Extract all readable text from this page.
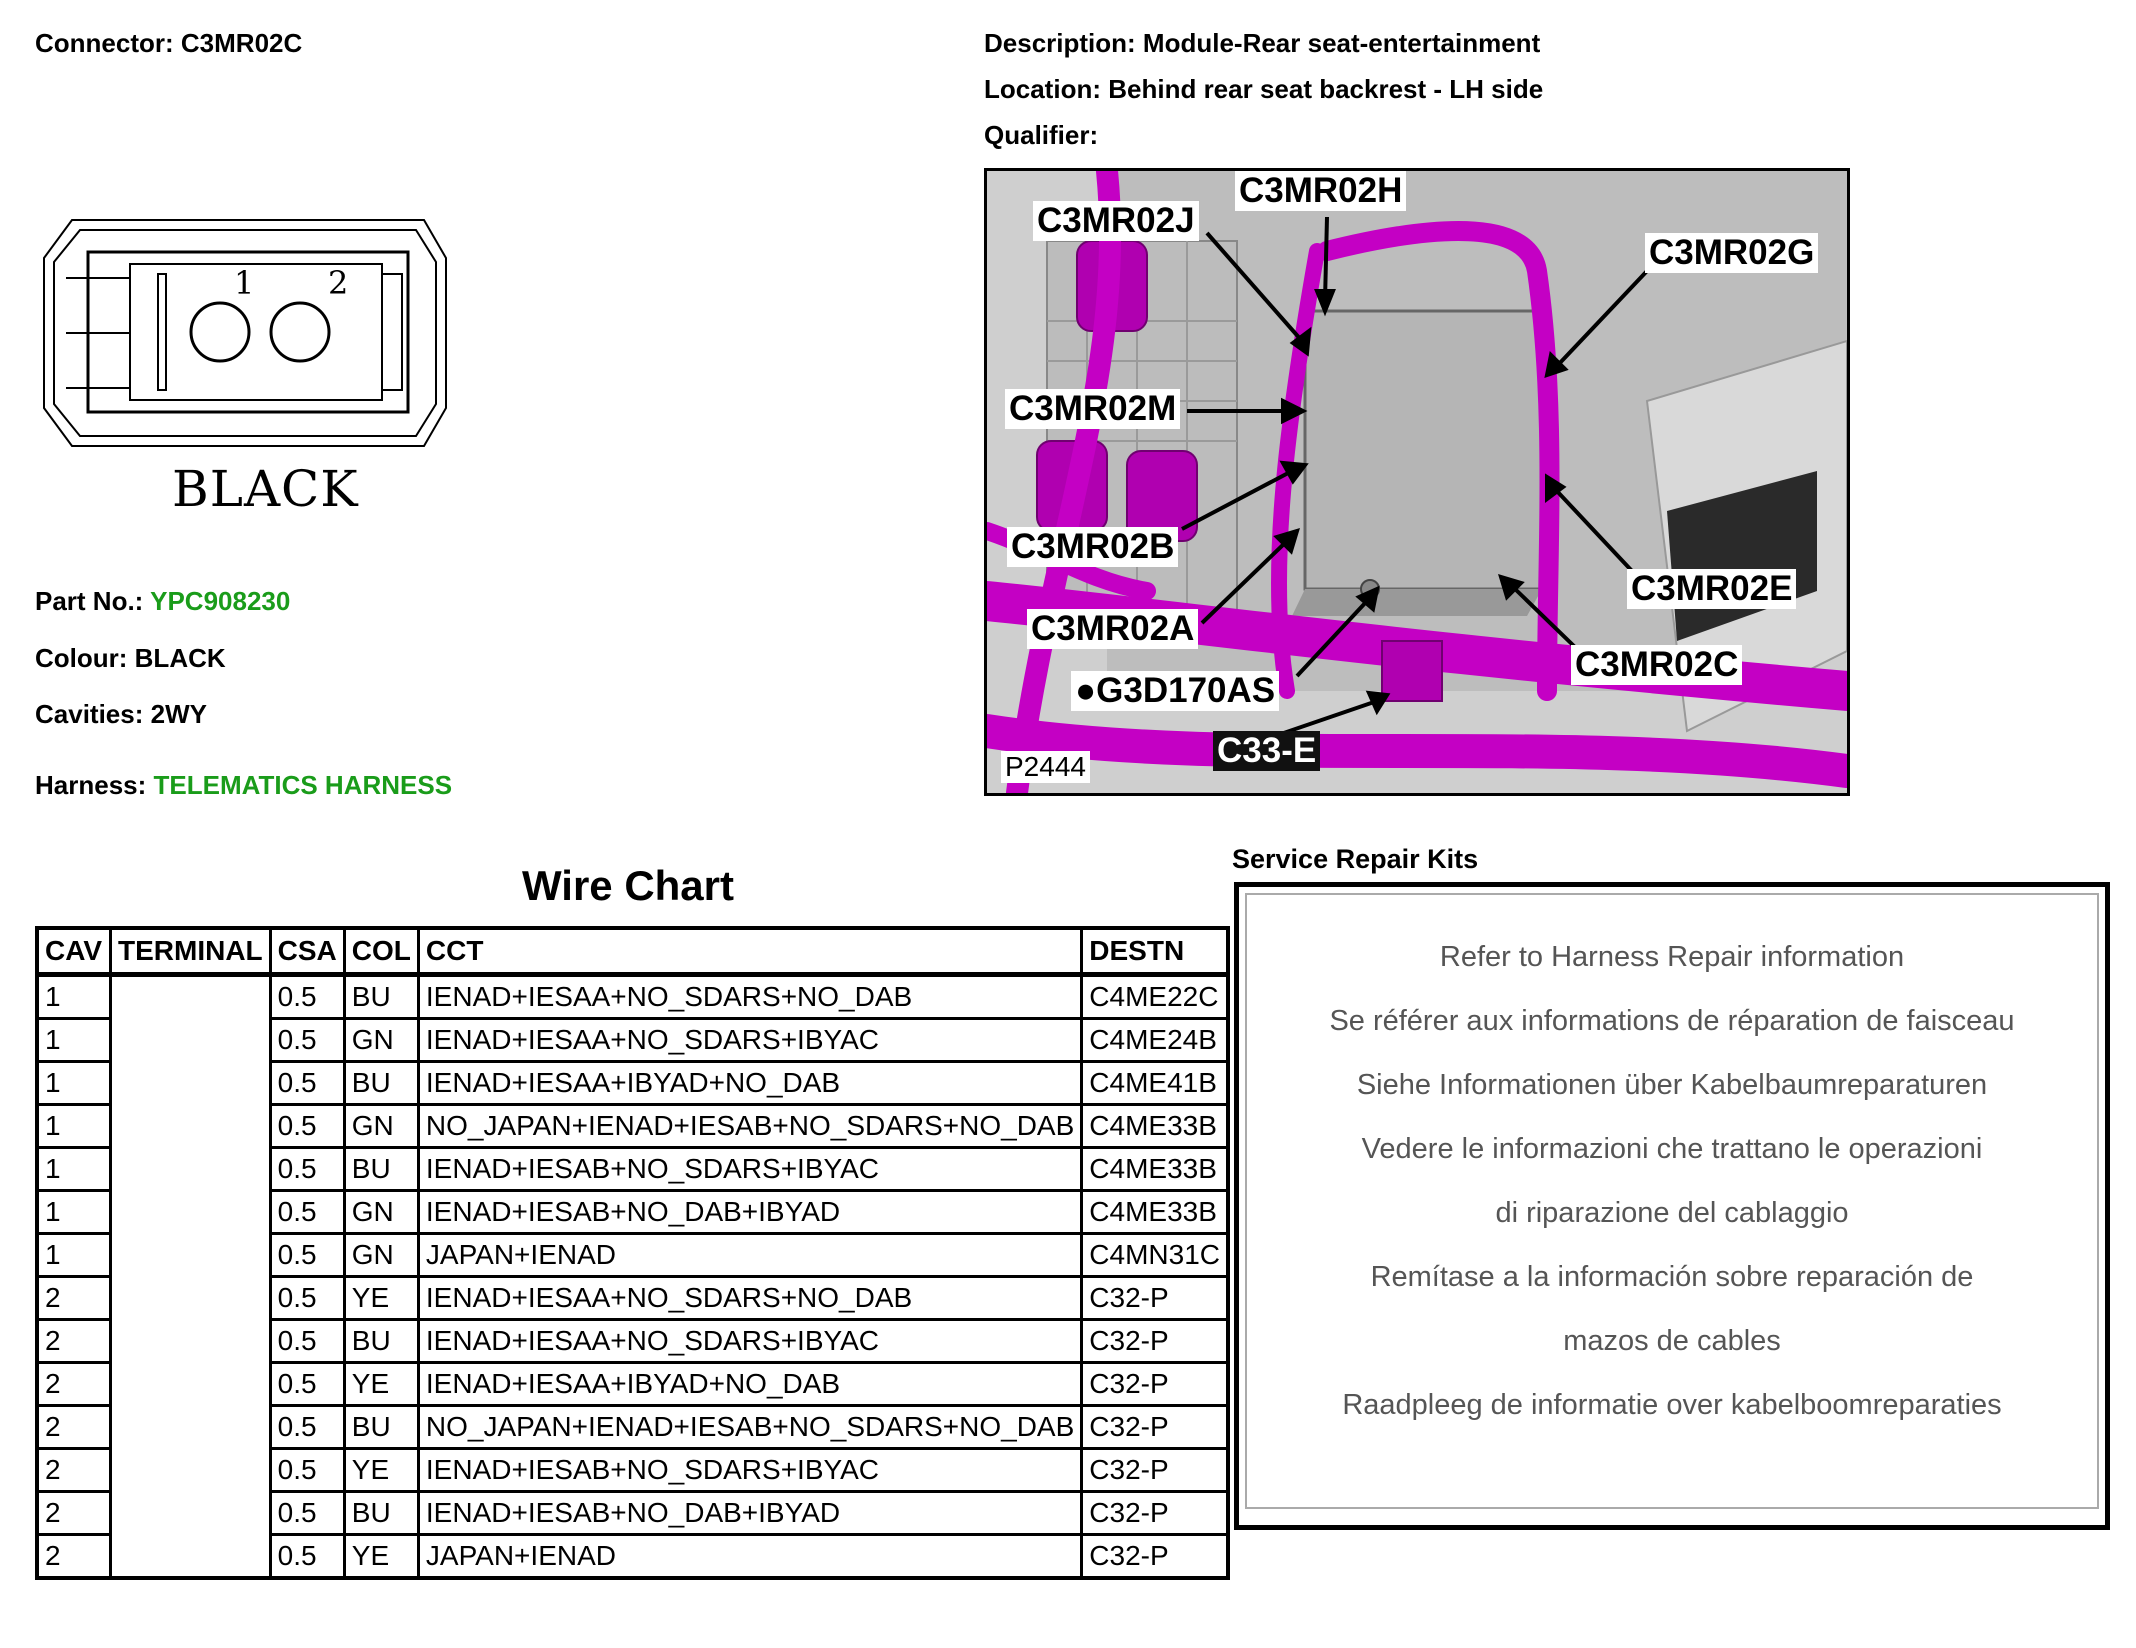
Connector: C3MR02C	Description: Module-Rear seat-entertainment
Location: Behind rear seat backrest - LH side
Qualifier:
1 2
BLACK
Part No.: YPC908230
Colour: BLACK
Cavities: 2WY
Harness: TELEMATICS HARNESS
C3MR02H
C3MR02J
C3MR02G
C3MR02M
C3MR02B
C3MR02E
C3MR02A
C3MR02C
●G3D170AS
C33-E
P2444
Wire Chart
CAV	TERMINAL	CSA	COL	CCT	DESTN
1		0.5	BU	IENAD+IESAA+NO_SDARS+NO_DAB	C4ME22C
1		0.5	GN	IENAD+IESAA+NO_SDARS+IBYAC	C4ME24B
1		0.5	BU	IENAD+IESAA+IBYAD+NO_DAB	C4ME41B
1		0.5	GN	NO_JAPAN+IENAD+IESAB+NO_SDARS+NO_DAB	C4ME33B
1		0.5	BU	IENAD+IESAB+NO_SDARS+IBYAC	C4ME33B
1		0.5	GN	IENAD+IESAB+NO_DAB+IBYAD	C4ME33B
1		0.5	GN	JAPAN+IENAD	C4MN31C
2		0.5	YE	IENAD+IESAA+NO_SDARS+NO_DAB	C32-P
2		0.5	BU	IENAD+IESAA+NO_SDARS+IBYAC	C32-P
2		0.5	YE	IENAD+IESAA+IBYAD+NO_DAB	C32-P
2		0.5	BU	NO_JAPAN+IENAD+IESAB+NO_SDARS+NO_DAB	C32-P
2		0.5	YE	IENAD+IESAB+NO_SDARS+IBYAC	C32-P
2		0.5	BU	IENAD+IESAB+NO_DAB+IBYAD	C32-P
2		0.5	YE	JAPAN+IENAD	C32-P
Service Repair Kits
Refer to Harness Repair information
Se référer aux informations de réparation de faisceau
Siehe Informationen über Kabelbaumreparaturen
Vedere le informazioni che trattano le operazioni
di riparazione del cablaggio
Remítase a la información sobre reparación de
mazos de cables
Raadpleeg de informatie over kabelboomreparaties
